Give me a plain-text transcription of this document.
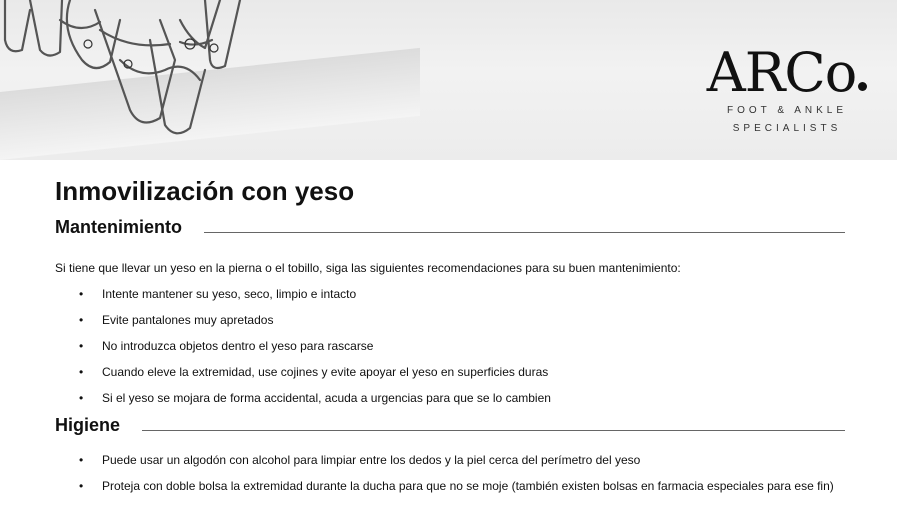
ARCo
FOOT & ANKLE
SPECIALISTS
Inmovilización con yeso
Mantenimiento

Si tiene que llevar un yeso en la pierna o el tobillo, siga las siguientes recomendaciones para su buen mantenimiento:

• Intente mantener su yeso, seco, limpio e intacto
• Evite pantalones muy apretados
• No introduzca objetos dentro el yeso para rascarse
• Cuando eleve la extremidad, use cojines y evite apoyar el yeso en superficies duras
• Si el yeso se mojara de forma accidental, acuda a urgencias para que se lo cambien
Higiene
• Puede usar un algodón con alcohol para limpiar entre los dedos y la piel cerca del perímetro del yeso
• Proteja con doble bolsa la extremidad durante la ducha para que no se moje (también existen bolsas en farmacia especiales para ese fin)
